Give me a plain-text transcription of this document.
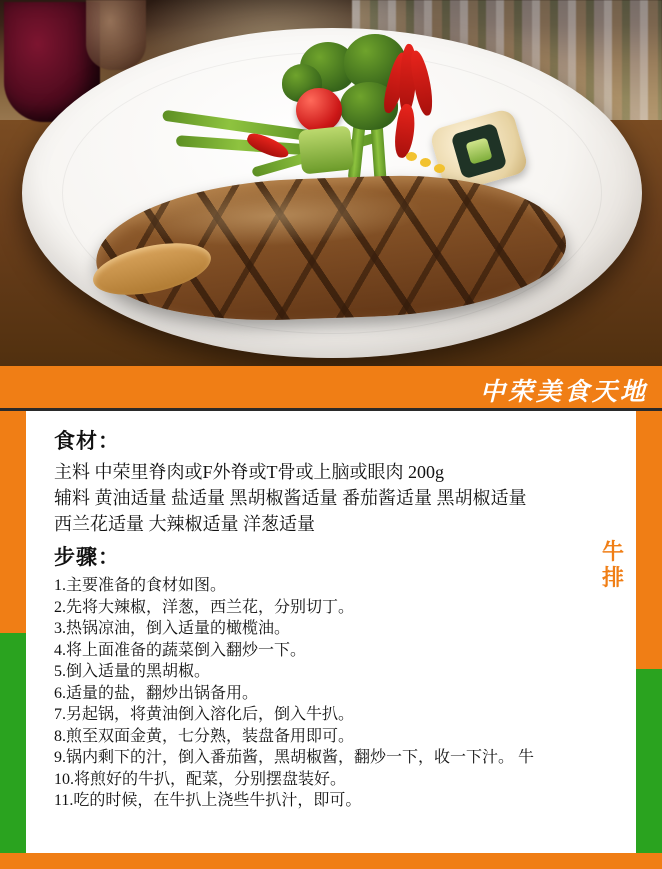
中荣美食天地
牛排
食材：

主料 中荣里脊肉或F外脊或T骨或上脑或眼肉 200g

辅料 黄油适量 盐适量 黑胡椒酱适量 番茄酱适量 黑胡椒适量

西兰花适量 大辣椒适量 洋葱适量

步骤：
1.主要准备的食材如图。
2.先将大辣椒，洋葱，西兰花，分别切丁。
3.热锅凉油，倒入适量的橄榄油。
4.将上面准备的蔬菜倒入翻炒一下。
5.倒入适量的黑胡椒。
6.适量的盐，翻炒出锅备用。
7.另起锅，将黄油倒入溶化后，倒入牛扒。
8.煎至双面金黄，七分熟，装盘备用即可。
9.锅内剩下的汁，倒入番茄酱，黑胡椒酱，翻炒一下，收一下汁。 牛
10.将煎好的牛扒，配菜，分别摆盘装好。
11.吃的时候，在牛扒上浇些牛扒汁，即可。
